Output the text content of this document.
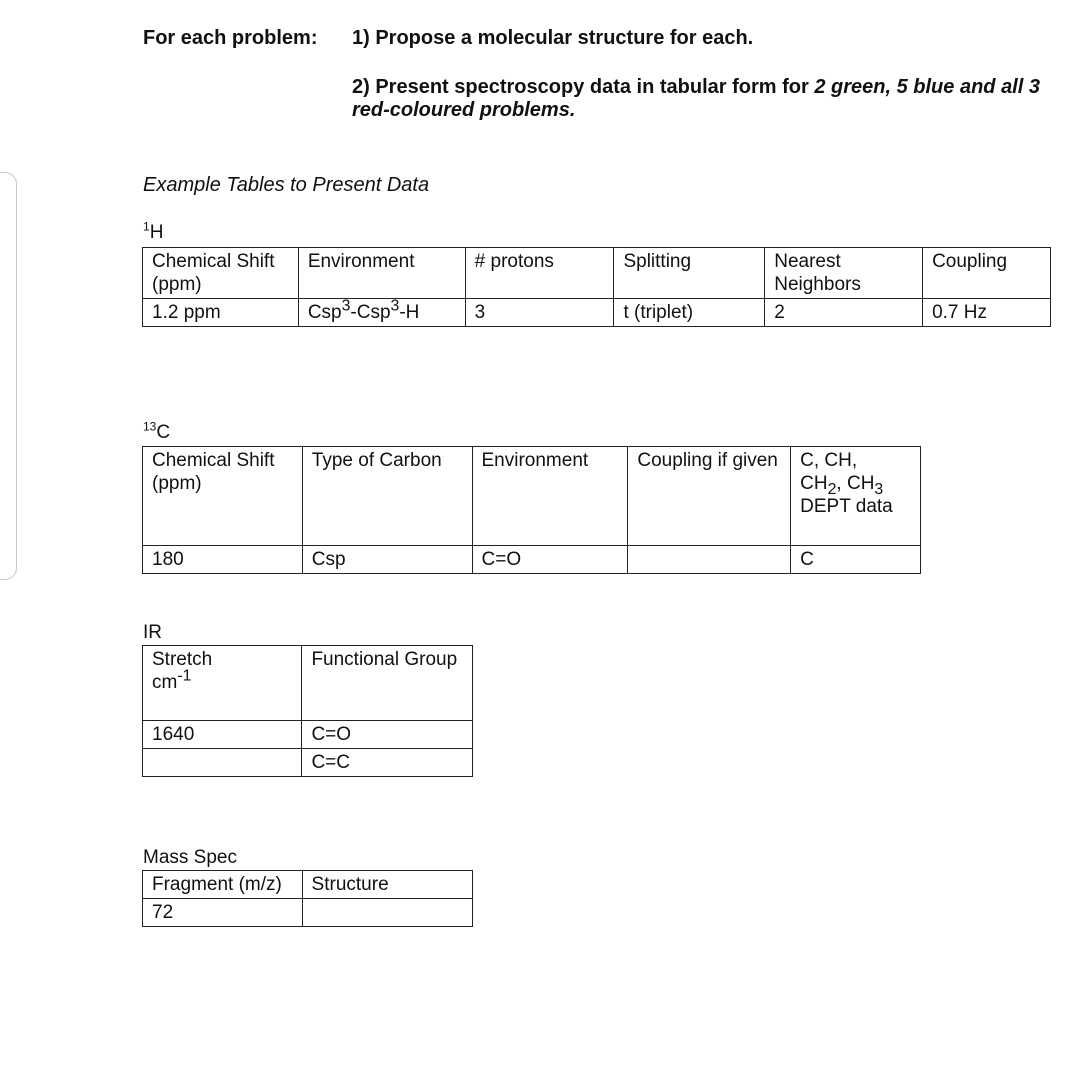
For each problem: 1) Propose a molecular structure for each.
2) Present spectroscopy data in tabular form for 2 green, 5 blue and all 3 red-coloured problems.
Example Tables to Present Data
$^1$H
Chemical Shift (ppm)	Environment	# protons	Splitting	Nearest Neighbors	Coupling
1.2 ppm	Csp$^3$-Csp$^3$-H	3	t (triplet)	2	0.7 Hz
$^{13}$C
Chemical Shift (ppm)	Type of Carbon	Environment	Coupling if given	C, CH,
$CH_2$, $CH_3$
DEPT data
180	Csp	C=O		C
IR
Stretch
$cm^{-1}$	Functional Group
1640	C=O
	C=C
Mass Spec
Fragment (m/z)	Structure
72	
